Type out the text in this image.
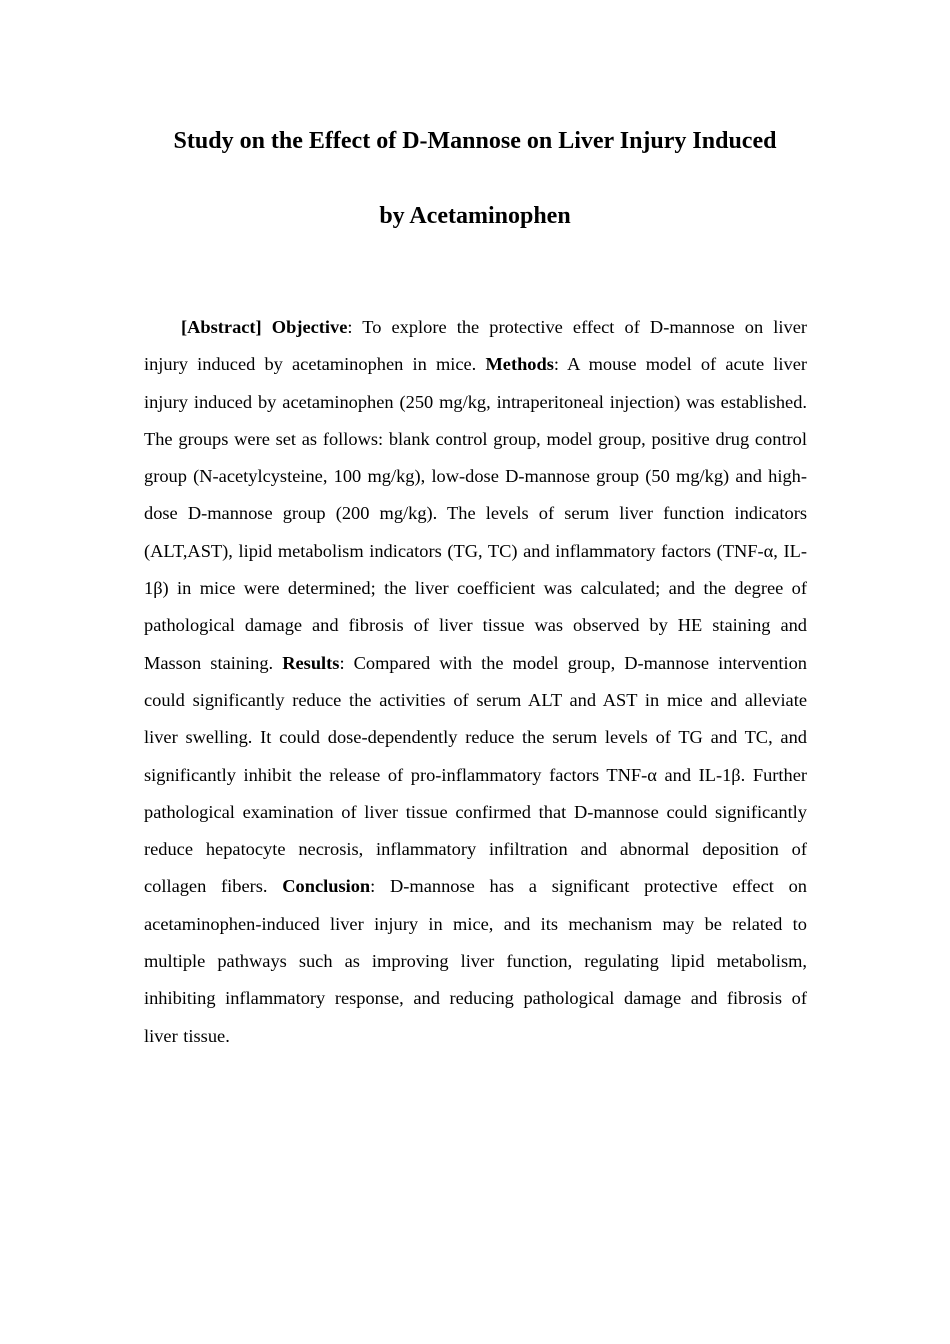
Study on the Effect of D-Mannose on Liver Injury Induced

by Acetaminophen

[Abstract] Objective: To explore the protective effect of D-mannose on liver injury induced by acetaminophen in mice. Methods: A mouse model of acute liver injury induced by acetaminophen (250 mg/kg, intraperitoneal injection) was established. The groups were set as follows: blank control group, model group, positive drug control group (N-acetylcysteine, 100 mg/kg), low-dose D-mannose group (50 mg/kg) and high-dose D-mannose group (200 mg/kg). The levels of serum liver function indicators (ALT,AST), lipid metabolism indicators (TG, TC) and inflammatory factors (TNF-α, IL-1β) in mice were determined; the liver coefficient was calculated; and the degree of pathological damage and fibrosis of liver tissue was observed by HE staining and Masson staining. Results: Compared with the model group, D-mannose intervention could significantly reduce the activities of serum ALT and AST in mice and alleviate liver swelling. It could dose-dependently reduce the serum levels of TG and TC, and significantly inhibit the release of pro-inflammatory factors TNF-α and IL-1β. Further pathological examination of liver tissue confirmed that D-mannose could significantly reduce hepatocyte necrosis, inflammatory infiltration and abnormal deposition of collagen fibers. Conclusion: D-mannose has a significant protective effect on acetaminophen-induced liver injury in mice, and its mechanism may be related to multiple pathways such as improving liver function, regulating lipid metabolism, inhibiting inflammatory response, and reducing pathological damage and fibrosis of liver tissue.
